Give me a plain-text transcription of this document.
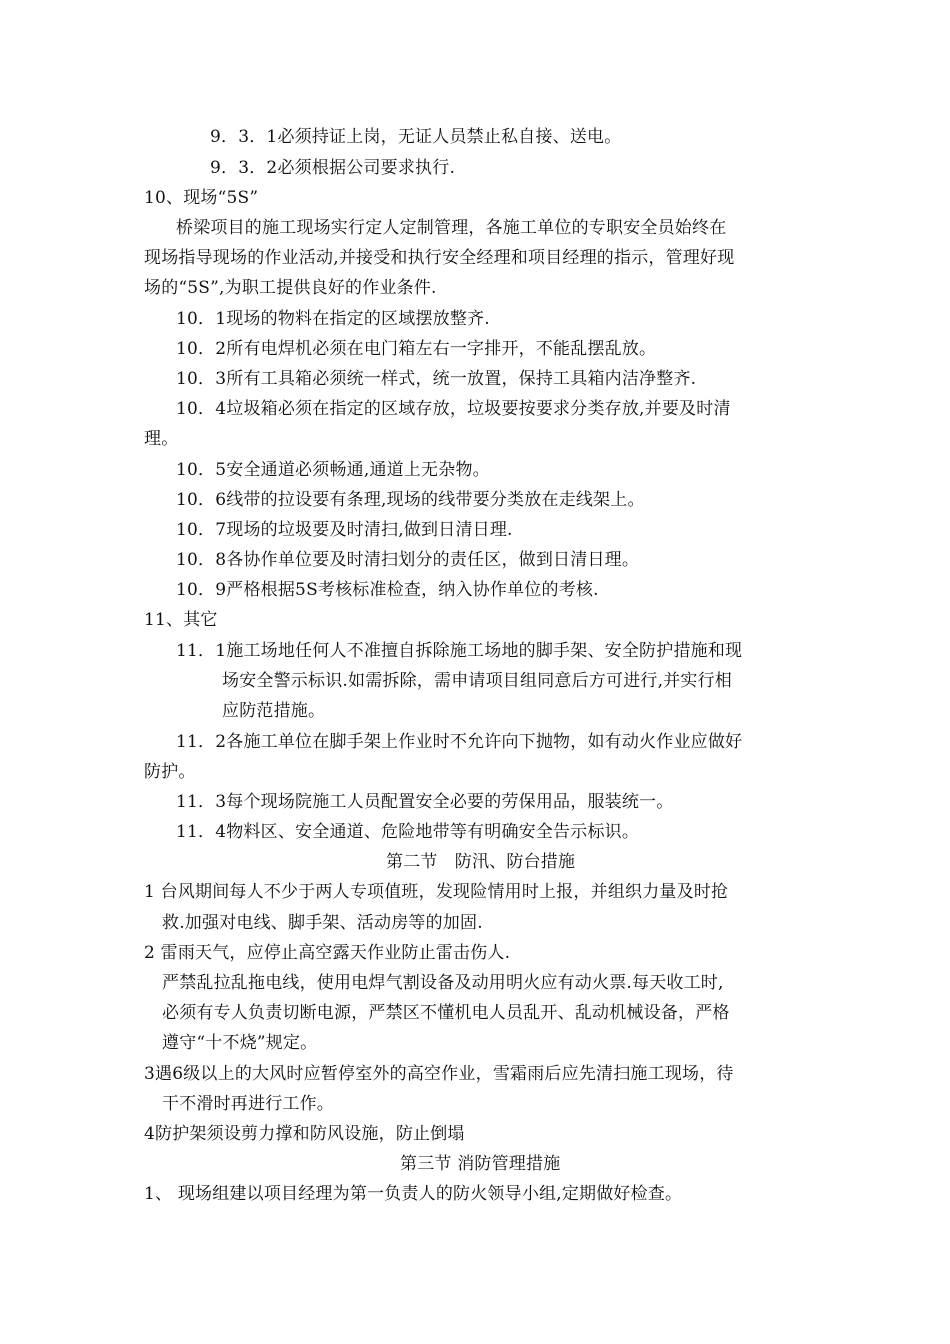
9．3．1必须持证上岗，无证人员禁止私自接、送电。
9．3．2必须根据公司要求执行.
10、现场“5S”
桥梁项目的施工现场实行定人定制管理，各施工单位的专职安全员始终在
现场指导现场的作业活动,并接受和执行安全经理和项目经理的指示，管理好现
场的“5S”,为职工提供良好的作业条件.
10．1现场的物料在指定的区域摆放整齐.
10．2所有电焊机必须在电门箱左右一字排开，不能乱摆乱放。
10．3所有工具箱必须统一样式，统一放置，保持工具箱内洁净整齐.
10．4垃圾箱必须在指定的区域存放，垃圾要按要求分类存放,并要及时清
理。
10．5安全通道必须畅通,通道上无杂物。
10．6线带的拉设要有条理,现场的线带要分类放在走线架上。
10．7现场的垃圾要及时清扫,做到日清日理.
10．8各协作单位要及时清扫划分的责任区，做到日清日理。
10．9严格根据5S考核标准检查，纳入协作单位的考核.
11、其它
11．1施工场地任何人不准擅自拆除施工场地的脚手架、安全防护措施和现
场安全警示标识.如需拆除，需申请项目组同意后方可进行,并实行相
应防范措施。
11．2各施工单位在脚手架上作业时不允许向下抛物，如有动火作业应做好
防护。
11．3每个现场院施工人员配置安全必要的劳保用品，服装统一。
11．4物料区、安全通道、危险地带等有明确安全告示标识。
第二节　防汛、防台措施
1 台风期间每人不少于两人专项值班，发现险情用时上报，并组织力量及时抢
救.加强对电线、脚手架、活动房等的加固.
2 雷雨天气，应停止高空露天作业防止雷击伤人.
严禁乱拉乱拖电线，使用电焊气割设备及动用明火应有动火票.每天收工时,
必须有专人负责切断电源，严禁区不懂机电人员乱开、乱动机械设备，严格
遵守“十不烧”规定。
3遇6级以上的大风时应暂停室外的高空作业，雪霜雨后应先清扫施工现场，待
干不滑时再进行工作。
4防护架须设剪力撑和防风设施，防止倒塌
第三节 消防管理措施
1、 现场组建以项目经理为第一负责人的防火领导小组,定期做好检查。
